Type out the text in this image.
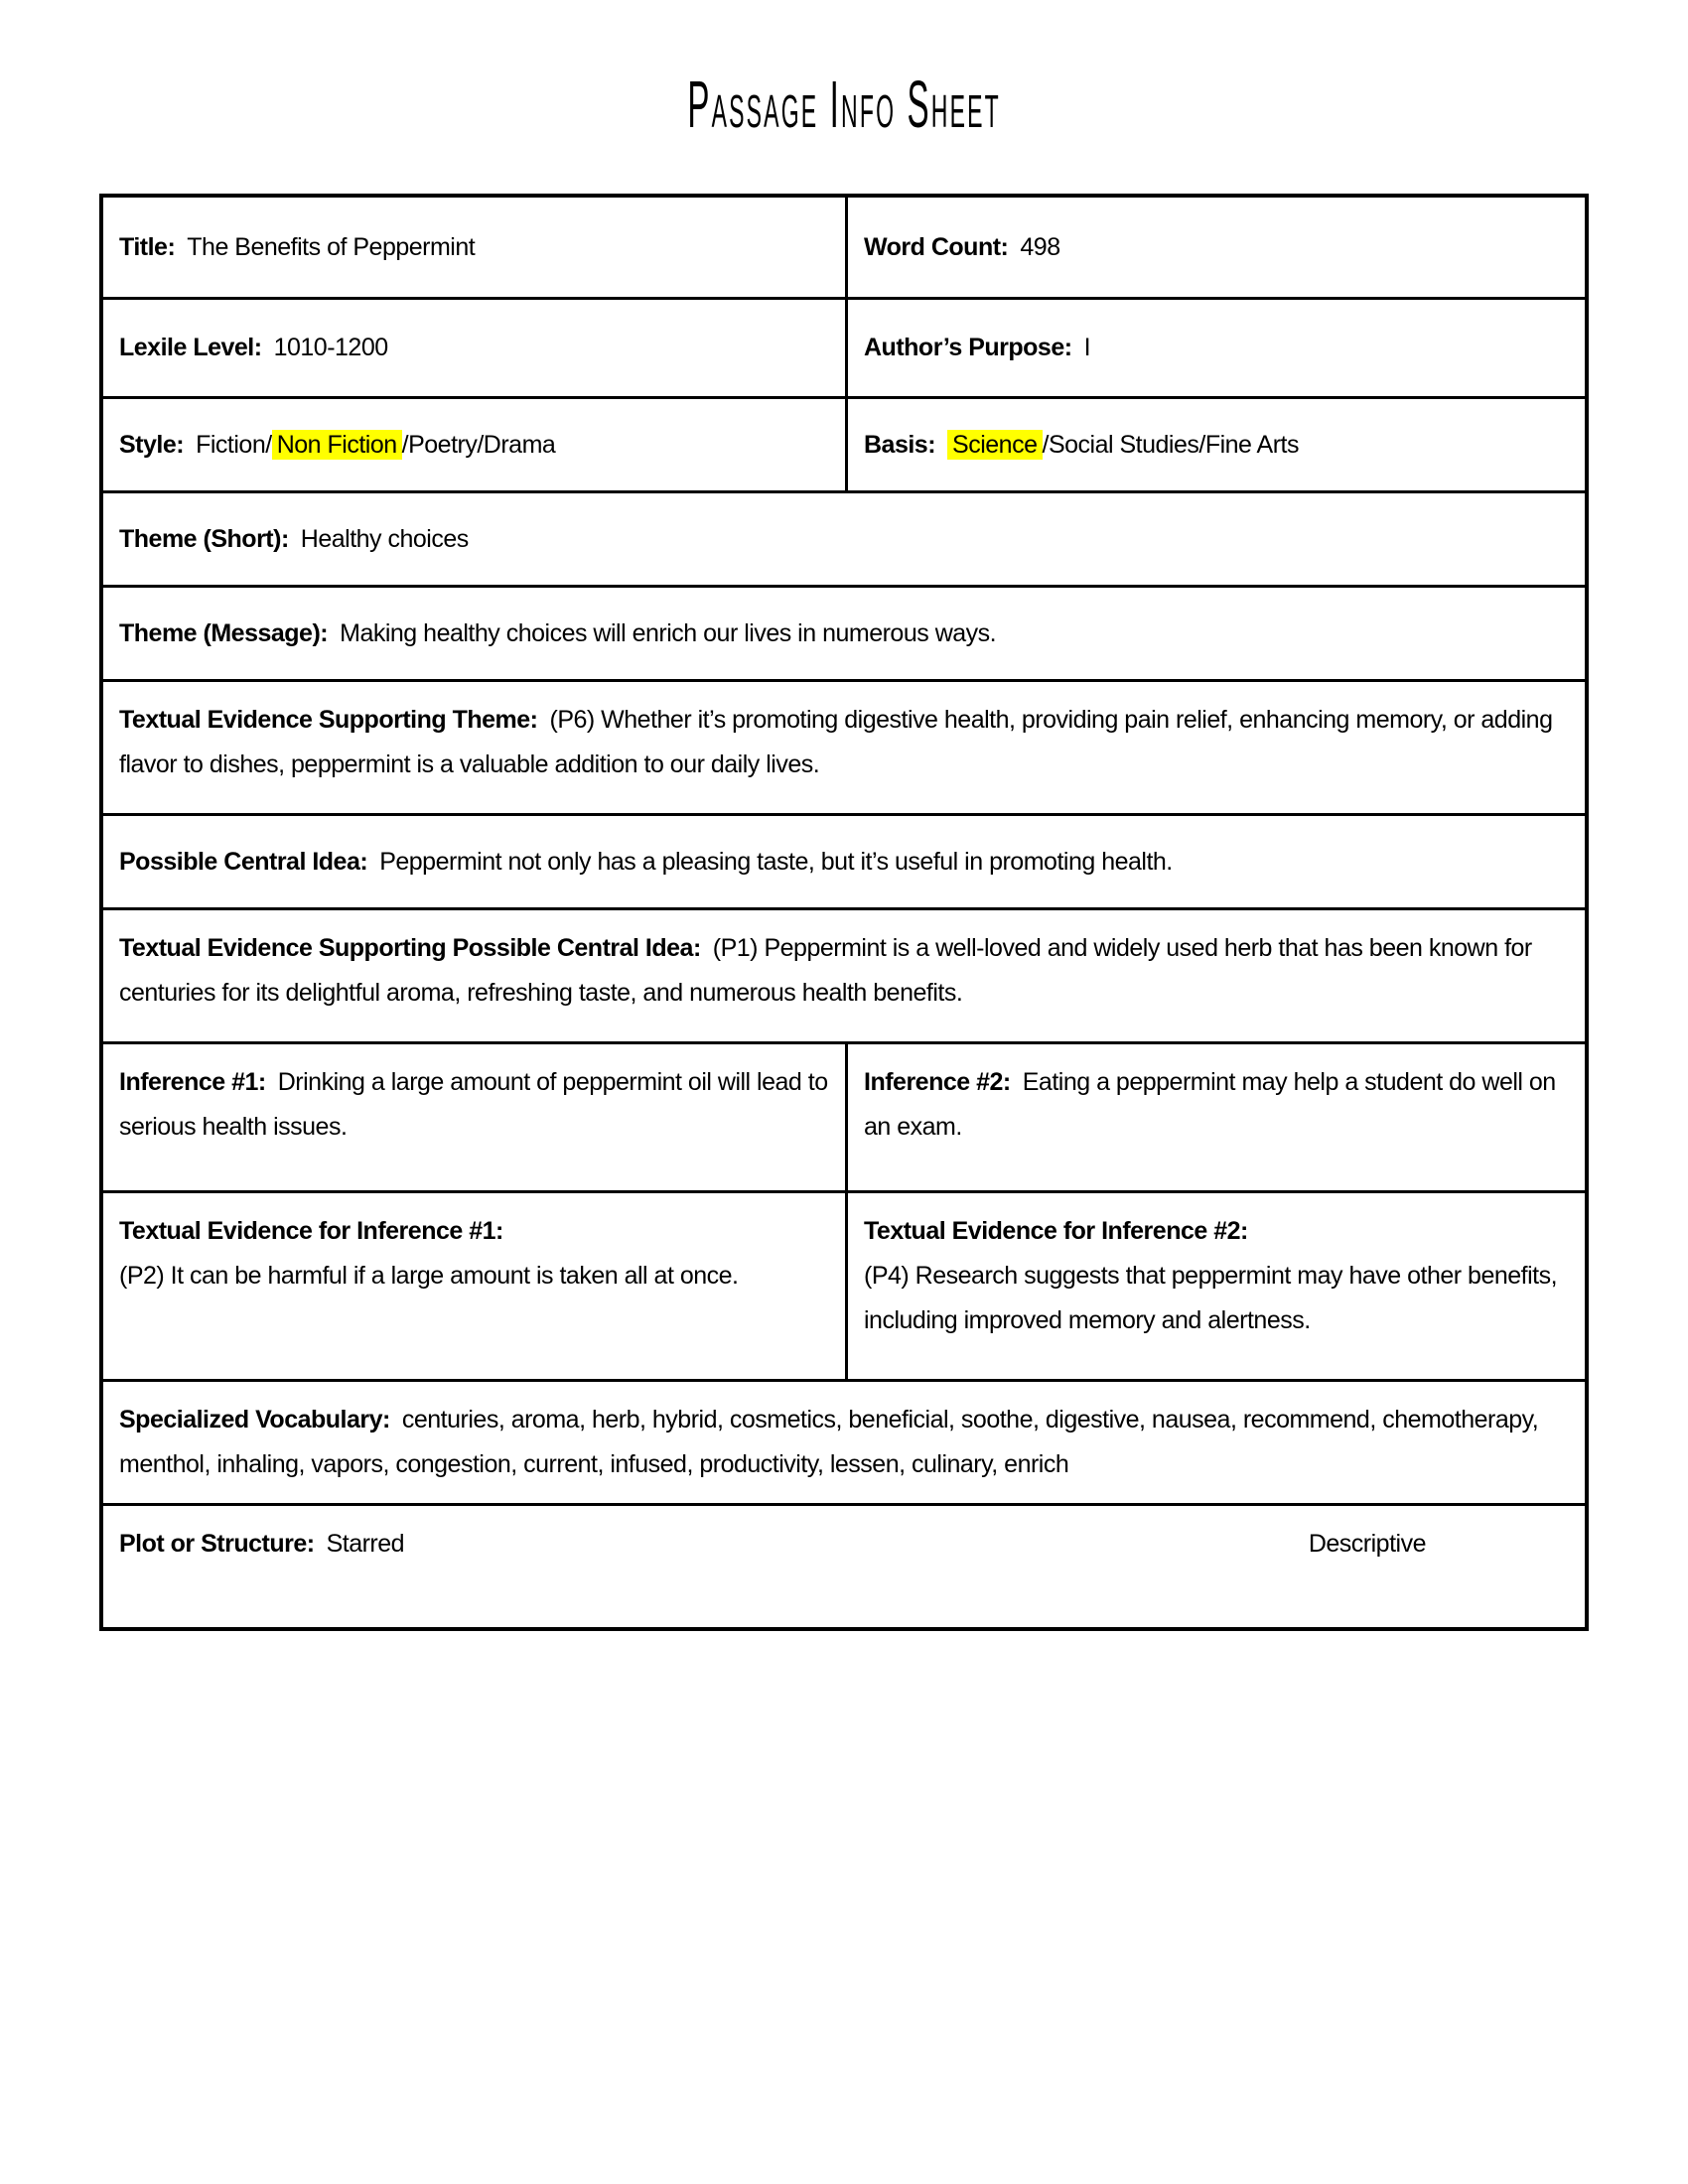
Passage Info Sheet

Title: The Benefits of Peppermint	Word Count: 498

Lexile Level: 1010-1200	Author’s Purpose: I

Style: Fiction/ Non Fiction /Poetry/Drama	Basis: Science /Social Studies/Fine Arts

Theme (Short): Healthy choices

Theme (Message): Making healthy choices will enrich our lives in numerous ways.

Textual Evidence Supporting Theme: (P6) Whether it’s promoting digestive health, providing pain relief, enhancing memory, or adding flavor to dishes, peppermint is a valuable addition to our daily lives.

Possible Central Idea: Peppermint not only has a pleasing taste, but it’s useful in promoting health.

Textual Evidence Supporting Possible Central Idea: (P1) Peppermint is a well-loved and widely used herb that has been known for centuries for its delightful aroma, refreshing taste, and numerous health benefits.

Inference #1: Drinking a large amount of peppermint oil will lead to serious health issues.

Inference #2: Eating a peppermint may help a student do well on an exam.

Textual Evidence for Inference #1:
(P2) It can be harmful if a large amount is taken all at once.

Textual Evidence for Inference #2:
(P4) Research suggests that peppermint may have other benefits, including improved memory and alertness.

Specialized Vocabulary: centuries, aroma, herb, hybrid, cosmetics, beneficial, soothe, digestive, nausea, recommend, chemotherapy, menthol, inhaling, vapors, congestion, current, infused, productivity, lessen, culinary, enrich

Plot or Structure: Starred	Descriptive
